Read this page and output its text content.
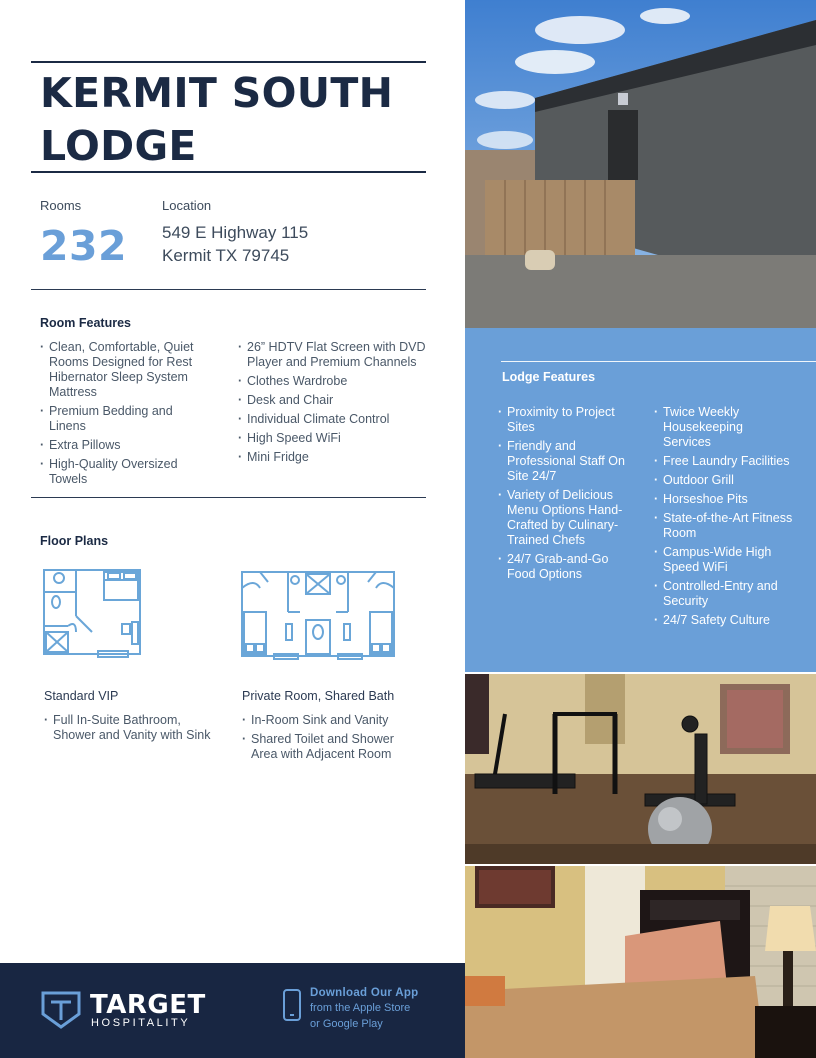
KERMIT SOUTH
LODGE
Rooms
232
Location
549 E Highway 115
Kermit TX 79745
Room Features
· Clean, Comfortable, Quiet Rooms Designed for Rest Hibernator Sleep System Mattress
· Premium Bedding and Linens
· Extra Pillows
· High-Quality Oversized Towels
· 26” HDTV Flat Screen with DVD Player and Premium Channels
· Clothes Wardrobe
· Desk and Chair
· Individual Climate Control
· High Speed WiFi
· Mini Fridge
Floor Plans
Standard VIP
· Full In-Suite Bathroom, Shower and Vanity with Sink
Private Room, Shared Bath
· In-Room Sink and Vanity
· Shared Toilet and Shower Area with Adjacent Room
Lodge Features
· Proximity to Project Sites
· Friendly and Professional Staff On Site 24/7
· Variety of Delicious Menu Options Hand-Crafted by Culinary-Trained Chefs
· 24/7 Grab-and-Go Food Options
· Twice Weekly Housekeeping Services
· Free Laundry Facilities
· Outdoor Grill
· Horseshoe Pits
· State-of-the-Art Fitness Room
· Campus-Wide High Speed WiFi
· Controlled-Entry and Security
· 24/7 Safety Culture
TARGET
HOSPITALITY
Download Our App
from the Apple Store
or Google Play
